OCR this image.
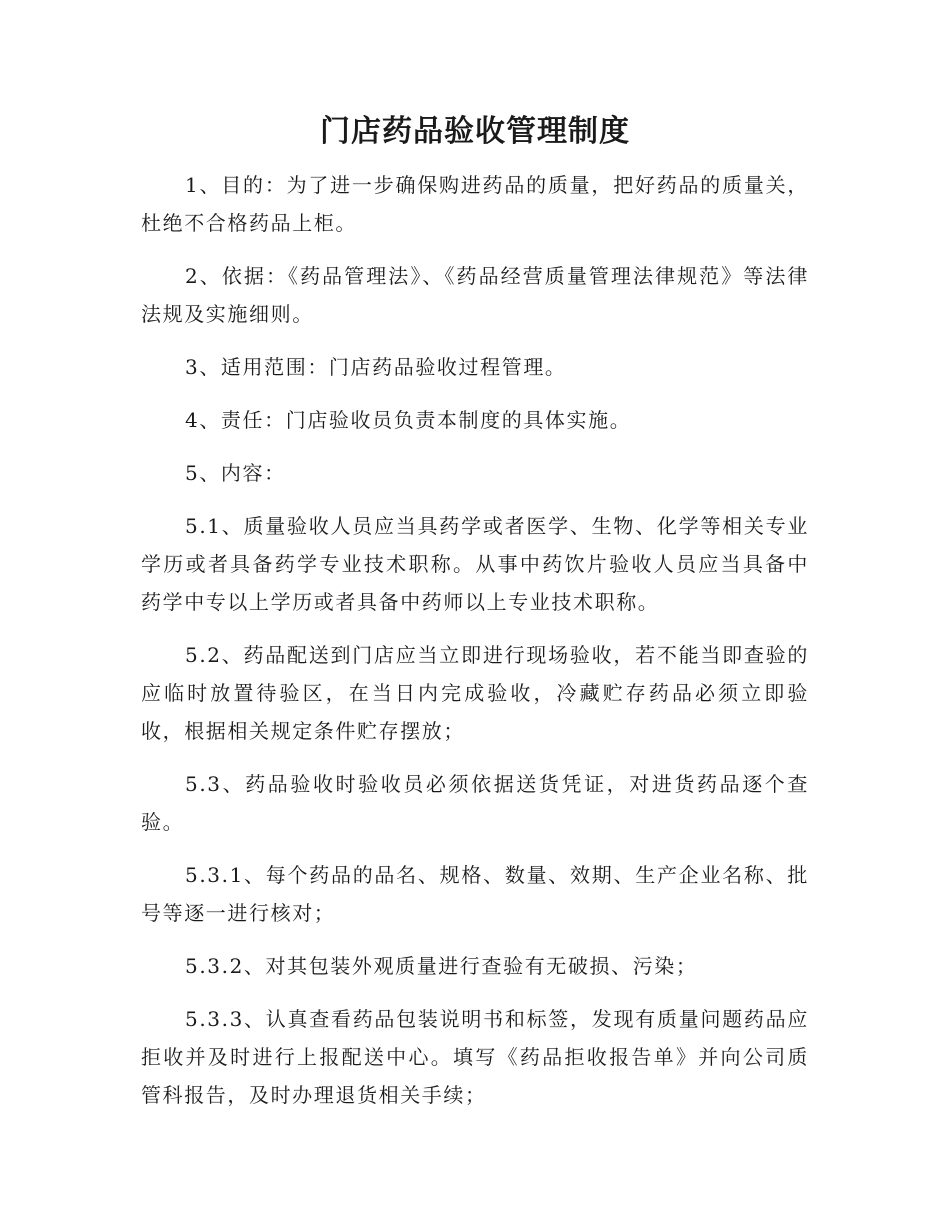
门店药品验收管理制度

1、目的：为了进一步确保购进药品的质量，把好药品的质量关，杜绝不合格药品上柜。

2、依据：《药品管理法》、《药品经营质量管理法律规范》等法律法规及实施细则。

3、适用范围：门店药品验收过程管理。

4、责任：门店验收员负责本制度的具体实施。

5、内容：

5.1、质量验收人员应当具药学或者医学、生物、化学等相关专业学历或者具备药学专业技术职称。从事中药饮片验收人员应当具备中药学中专以上学历或者具备中药师以上专业技术职称。

5.2、药品配送到门店应当立即进行现场验收，若不能当即查验的应临时放置待验区，在当日内完成验收，冷藏贮存药品必须立即验收，根据相关规定条件贮存摆放；

5.3、药品验收时验收员必须依据送货凭证，对进货药品逐个查验。

5.3.1、每个药品的品名、规格、数量、效期、生产企业名称、批号等逐一进行核对；

5.3.2、对其包装外观质量进行查验有无破损、污染；

5.3.3、认真查看药品包装说明书和标签，发现有质量问题药品应拒收并及时进行上报配送中心。填写《药品拒收报告单》并向公司质管科报告，及时办理退货相关手续；
